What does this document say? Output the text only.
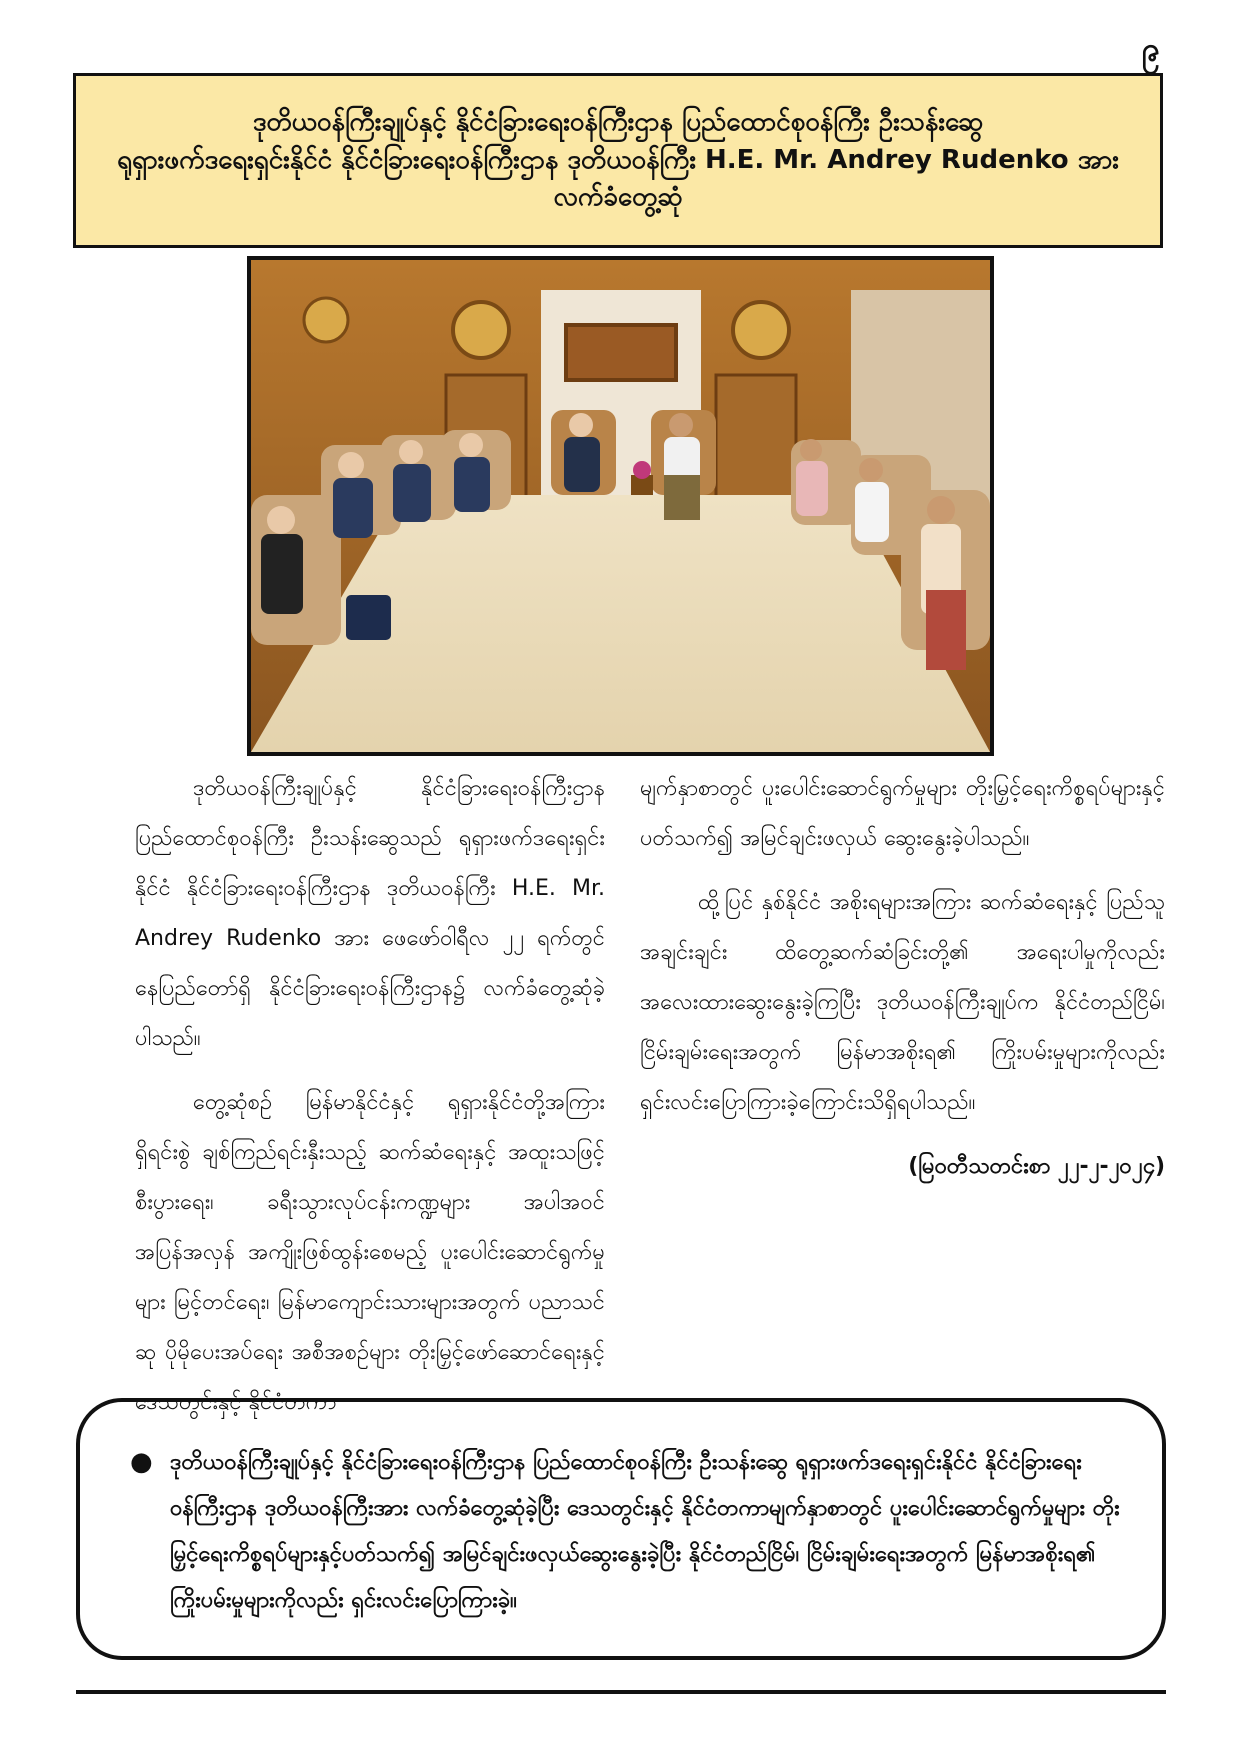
၉
ဒုတိယဝန်ကြီးချုပ်နှင့် နိုင်ငံခြားရေးဝန်ကြီးဌာန ပြည်ထောင်စုဝန်ကြီး ဦးသန်းဆွေ
ရုရှားဖက်ဒရေးရှင်းနိုင်ငံ နိုင်ငံခြားရေးဝန်ကြီးဌာန ဒုတိယဝန်ကြီး H.E. Mr. Andrey Rudenko အား
လက်ခံတွေ့ဆုံ

ဒုတိယဝန်ကြီးချုပ်နှင့် နိုင်ငံခြားရေးဝန်ကြီးဌာန ပြည်ထောင်စုဝန်ကြီး ဦးသန်းဆွေသည် ရုရှားဖက်ဒရေးရှင်းနိုင်ငံ နိုင်ငံခြားရေးဝန်ကြီးဌာန ဒုတိယဝန်ကြီး H.E. Mr. Andrey Rudenko အား ဖေဖော်ဝါရီလ ၂၂ ရက်တွင် နေပြည်တော်ရှိ နိုင်ငံခြားရေးဝန်ကြီးဌာန၌ လက်ခံတွေ့ဆုံခဲ့ပါသည်။

တွေ့ဆုံစဉ် မြန်မာနိုင်ငံနှင့် ရုရှားနိုင်ငံတို့အကြား ရှိရင်းစွဲ ချစ်ကြည်ရင်းနှီးသည့် ဆက်ဆံရေးနှင့် အထူးသဖြင့် စီးပွားရေး၊ ခရီးသွားလုပ်ငန်းကဏ္ဍများ အပါအဝင် အပြန်အလှန် အကျိုးဖြစ်ထွန်းစေမည့် ပူးပေါင်းဆောင်ရွက်မှုများ မြင့်တင်ရေး၊ မြန်မာကျောင်းသားများအတွက် ပညာသင်ဆု ပိုမိုပေးအပ်ရေး အစီအစဉ်များ တိုးမြှင့်ဖော်ဆောင်ရေးနှင့် ဒေသတွင်းနှင့် နိုင်ငံတကာ

မျက်နှာစာတွင် ပူးပေါင်းဆောင်ရွက်မှုများ တိုးမြှင့်ရေးကိစ္စရပ်များနှင့်ပတ်သက်၍ အမြင်ချင်းဖလှယ် ဆွေးနွေးခဲ့ပါသည်။

ထို့ပြင် နှစ်နိုင်ငံ အစိုးရများအကြား ဆက်ဆံရေးနှင့် ပြည်သူအချင်းချင်း ထိတွေ့ဆက်ဆံခြင်းတို့၏ အရေးပါမှုကိုလည်း အလေးထားဆွေးနွေးခဲ့ကြပြီး ဒုတိယဝန်ကြီးချုပ်က နိုင်ငံတည်ငြိမ်၊ ငြိမ်းချမ်းရေးအတွက် မြန်မာအစိုးရ၏ ကြိုးပမ်းမှုများကိုလည်း ရှင်းလင်းပြောကြားခဲ့ကြောင်းသိရှိရပါသည်။

(မြဝတီသတင်းစာ ၂၂-၂-၂၀၂၄)
● ဒုတိယဝန်ကြီးချုပ်နှင့် နိုင်ငံခြားရေးဝန်ကြီးဌာန ပြည်ထောင်စုဝန်ကြီး ဦးသန်းဆွေ ရုရှားဖက်ဒရေးရှင်းနိုင်ငံ နိုင်ငံခြားရေးဝန်ကြီးဌာန ဒုတိယဝန်ကြီးအား လက်ခံတွေ့ဆုံခဲ့ပြီး ဒေသတွင်းနှင့် နိုင်ငံတကာမျက်နှာစာတွင် ပူးပေါင်းဆောင်ရွက်မှုများ တိုးမြှင့်ရေးကိစ္စရပ်များနှင့်ပတ်သက်၍ အမြင်ချင်းဖလှယ်ဆွေးနွေးခဲ့ပြီး နိုင်ငံတည်ငြိမ်၊ ငြိမ်းချမ်းရေးအတွက် မြန်မာအစိုးရ၏ ကြိုးပမ်းမှုများကိုလည်း ရှင်းလင်းပြောကြားခဲ့။
